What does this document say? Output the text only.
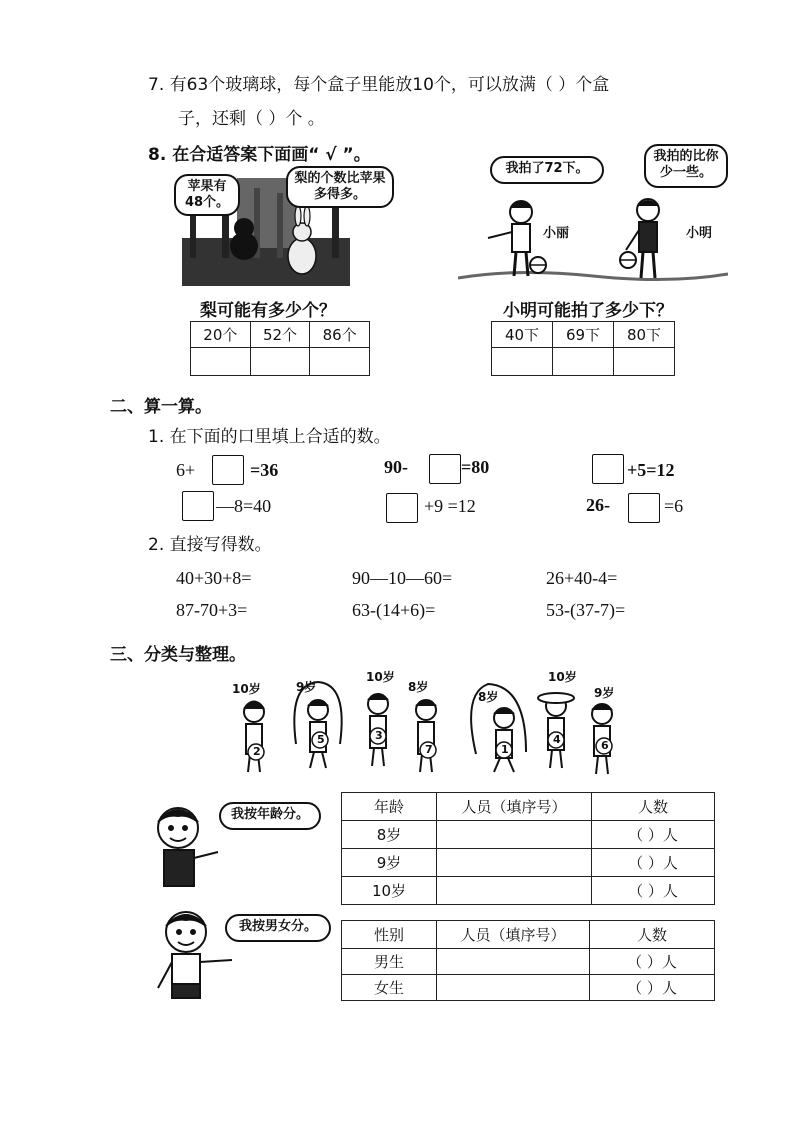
7. 有63个玻璃球，每个盒子里能放10个，可以放满（ ）个盒
子，还剩（ ）个 。
8. 在合适答案下面画“ √ ”。
苹果有48个。
梨的个数比苹果多得多。
梨可能有多少个？
20个	52个	86个

我拍了72下。
我拍的比你少一些。
小丽	小明
小明可能拍了多少下？
40下	69下	80下

二、算一算。
1. 在下面的口里填上合适的数。
6+	=36	90-	=80	+5=12
—8=40	+9 =12	26-	=6
2. 直接写得数。
40+30+8=	90—10—60=	26+40-4=
87-70+3=	63-(14+6)=	53-(37-7)=
三、分类与整理。
10岁	9岁
10岁
8岁
8岁
10岁
9岁
2
5	3
7	1
4	6
我按年龄分。
我按男女分。
年龄	人员（填序号）	人数
8岁		（ ）人
9岁		（ ）人
10岁		（ ）人
性别	人员（填序号）	人数
男生		（ ）人
女生		（ ）人
